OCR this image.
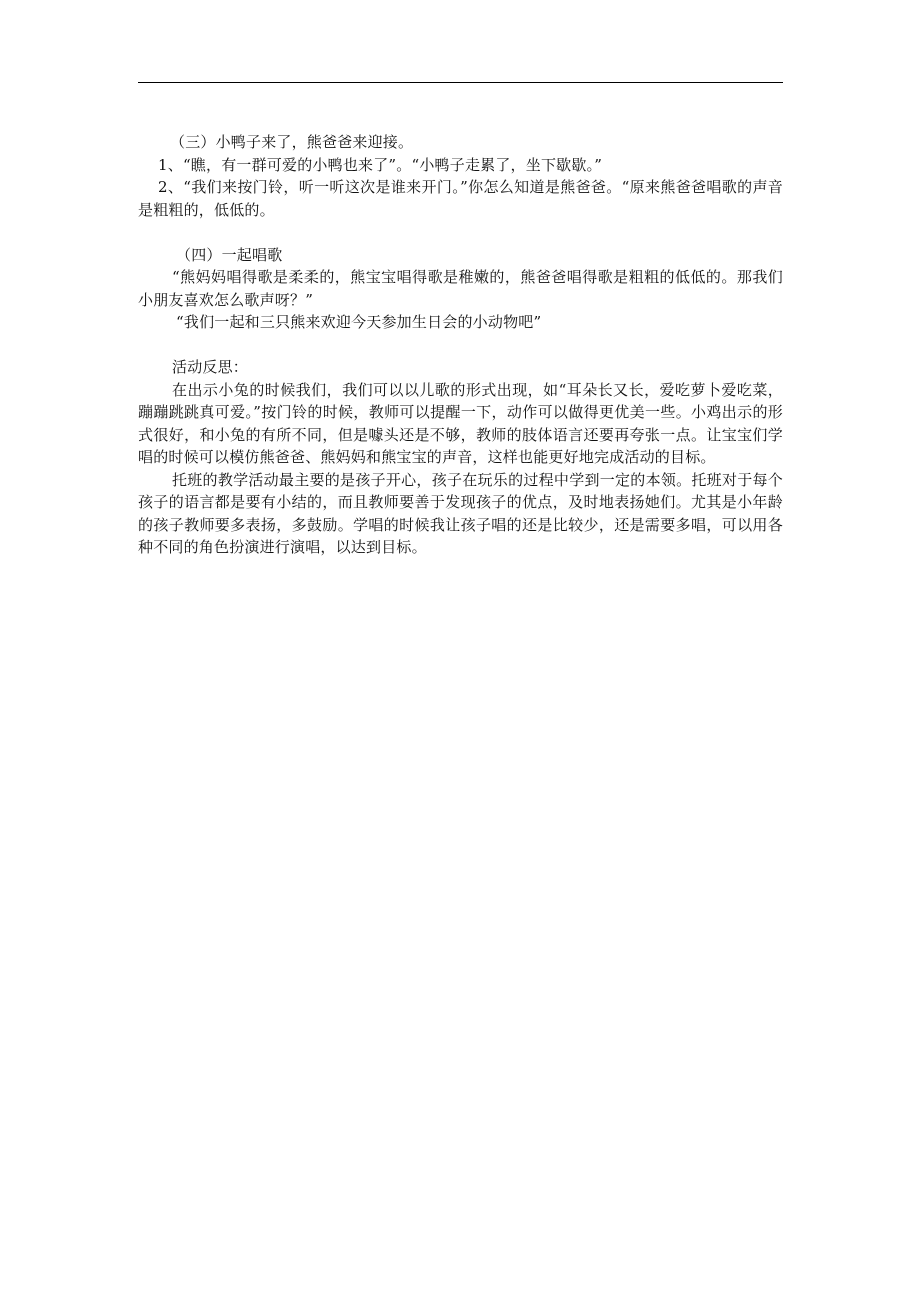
（三）小鸭子来了，熊爸爸来迎接。

1、“瞧，有一群可爱的小鸭也来了”。“小鸭子走累了，坐下歇歇。”

2、“我们来按门铃，听一听这次是谁来开门。”你怎么知道是熊爸爸。“原来熊爸爸唱歌的声音是粗粗的，低低的。

（四）一起唱歌

“熊妈妈唱得歌是柔柔的，熊宝宝唱得歌是稚嫩的，熊爸爸唱得歌是粗粗的低低的。那我们小朋友喜欢怎么歌声呀？”

“我们一起和三只熊来欢迎今天参加生日会的小动物吧”

活动反思：

在出示小兔的时候我们，我们可以以儿歌的形式出现，如“耳朵长又长，爱吃萝卜爱吃菜，蹦蹦跳跳真可爱。”按门铃的时候，教师可以提醒一下，动作可以做得更优美一些。小鸡出示的形式很好，和小兔的有所不同，但是噱头还是不够，教师的肢体语言还要再夸张一点。让宝宝们学唱的时候可以模仿熊爸爸、熊妈妈和熊宝宝的声音，这样也能更好地完成活动的目标。

托班的教学活动最主要的是孩子开心，孩子在玩乐的过程中学到一定的本领。托班对于每个孩子的语言都是要有小结的，而且教师要善于发现孩子的优点，及时地表扬她们。尤其是小年龄的孩子教师要多表扬，多鼓励。学唱的时候我让孩子唱的还是比较少，还是需要多唱，可以用各种不同的角色扮演进行演唱，以达到目标。
